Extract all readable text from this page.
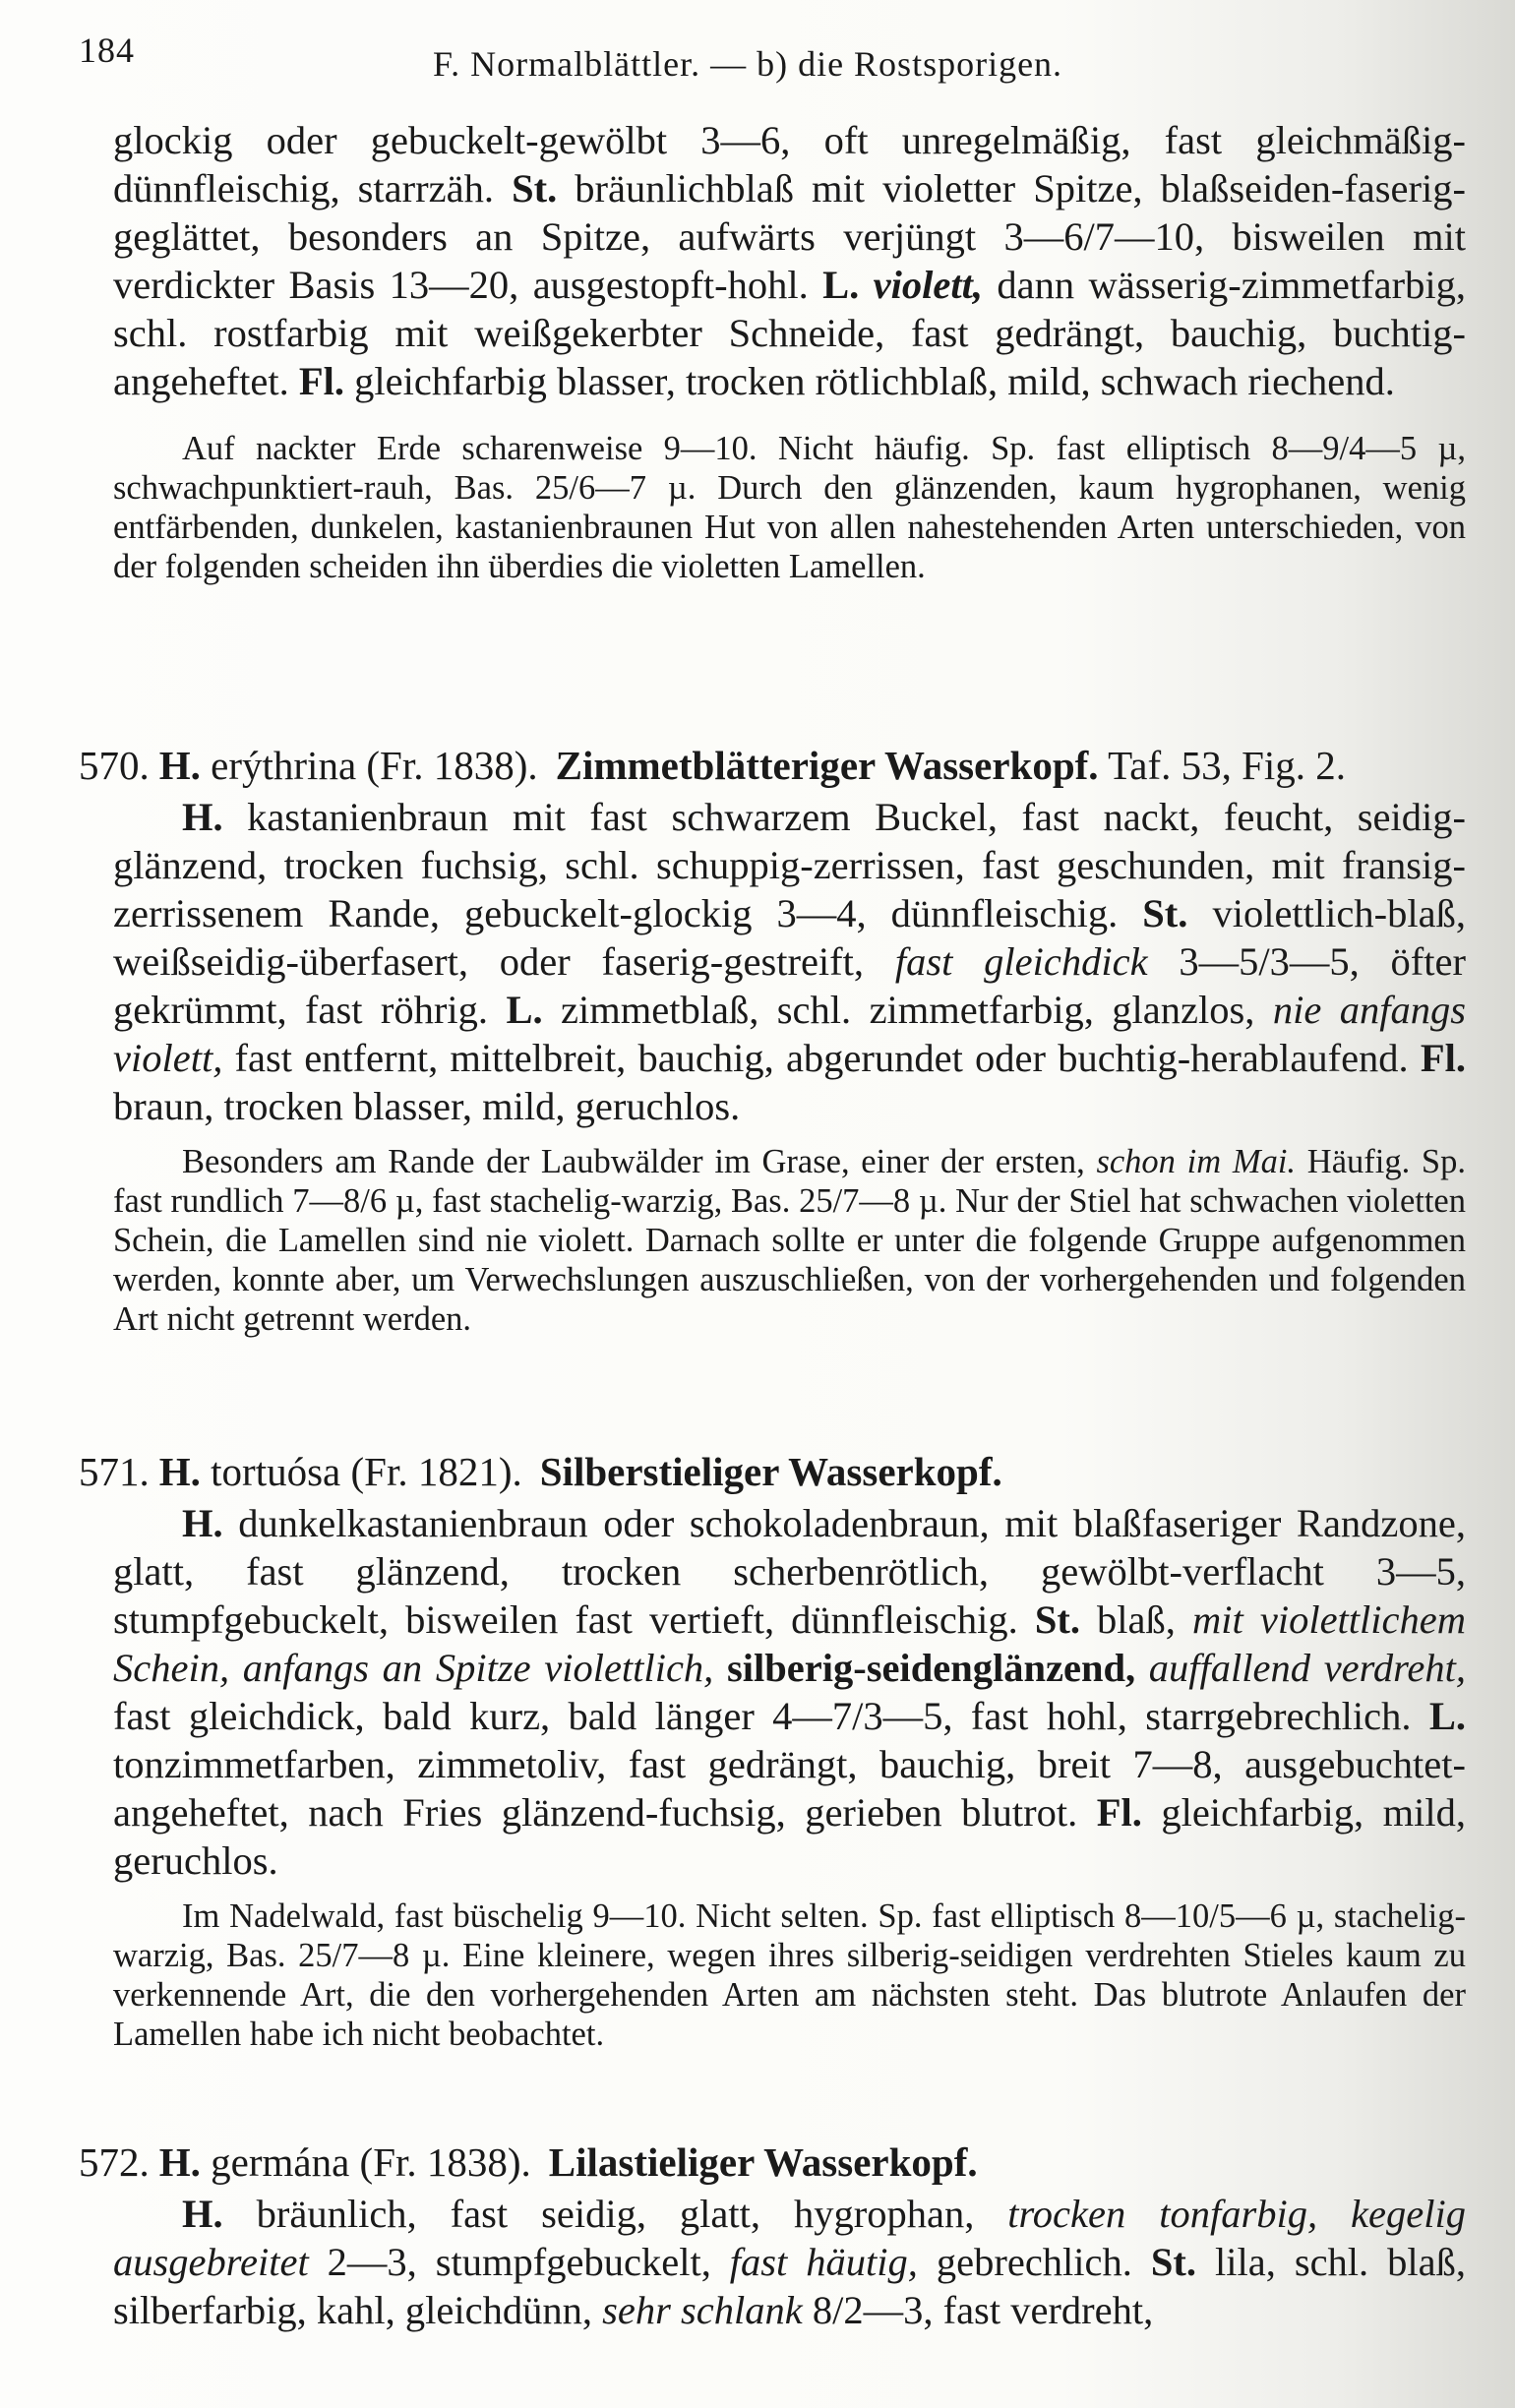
184	F. Normalblättler. — b) die Rostsporigen.

glockig oder gebuckelt-gewölbt 3—6, oft unregelmäßig, fast gleichmäßig-dünnfleischig, starrzäh. St. bräunlichblaß mit violetter Spitze, blaßseiden-faserig-geglättet, besonders an Spitze, aufwärts verjüngt 3—6/7—10, bisweilen mit verdickter Basis 13—20, ausgestopft-hohl. L. violett, dann wässerig-zimmetfarbig, schl. rostfarbig mit weißgekerbter Schneide, fast gedrängt, bauchig, buchtig-angeheftet. Fl. gleichfarbig blasser, trocken rötlichblaß, mild, schwach riechend.

Auf nackter Erde scharenweise 9—10. Nicht häufig. Sp. fast elliptisch 8—9/4—5 µ, schwachpunktiert-rauh, Bas. 25/6—7 µ. Durch den glänzenden, kaum hygrophanen, wenig entfärbenden, dunkelen, kastanienbraunen Hut von allen nahestehenden Arten unterschieden, von der folgenden scheiden ihn überdies die violetten Lamellen.

570. H. erýthrina (Fr. 1838). Zimmetblätteriger Wasserkopf. Taf. 53, Fig. 2.

H. kastanienbraun mit fast schwarzem Buckel, fast nackt, feucht, seidig-glänzend, trocken fuchsig, schl. schuppig-zerrissen, fast geschunden, mit fransig-zerrissenem Rande, gebuckelt-glockig 3—4, dünnfleischig. St. violettlich-blaß, weißseidig-überfasert, oder faserig-gestreift, fast gleichdick 3—5/3—5, öfter gekrümmt, fast röhrig. L. zimmetblaß, schl. zimmetfarbig, glanzlos, nie anfangs violett, fast entfernt, mittelbreit, bauchig, abgerundet oder buchtig-herablaufend. Fl. braun, trocken blasser, mild, geruchlos.

Besonders am Rande der Laubwälder im Grase, einer der ersten, schon im Mai. Häufig. Sp. fast rundlich 7—8/6 µ, fast stachelig-warzig, Bas. 25/7—8 µ. Nur der Stiel hat schwachen violetten Schein, die Lamellen sind nie violett. Darnach sollte er unter die folgende Gruppe aufgenommen werden, konnte aber, um Verwechslungen auszuschließen, von der vorhergehenden und folgenden Art nicht getrennt werden.

571. H. tortuósa (Fr. 1821). Silberstieliger Wasserkopf.

H. dunkelkastanienbraun oder schokoladenbraun, mit blaßfaseriger Randzone, glatt, fast glänzend, trocken scherbenrötlich, gewölbt-verflacht 3—5, stumpfgebuckelt, bisweilen fast vertieft, dünnfleischig. St. blaß, mit violettlichem Schein, anfangs an Spitze violettlich, silberig-seidenglänzend, auffallend verdreht, fast gleichdick, bald kurz, bald länger 4—7/3—5, fast hohl, starrgebrechlich. L. tonzimmetfarben, zimmetoliv, fast gedrängt, bauchig, breit 7—8, ausgebuchtet-angeheftet, nach Fries glänzend-fuchsig, gerieben blutrot. Fl. gleichfarbig, mild, geruchlos.

Im Nadelwald, fast büschelig 9—10. Nicht selten. Sp. fast elliptisch 8—10/5—6 µ, stachelig-warzig, Bas. 25/7—8 µ. Eine kleinere, wegen ihres silberig-seidigen verdrehten Stieles kaum zu verkennende Art, die den vorhergehenden Arten am nächsten steht. Das blutrote Anlaufen der Lamellen habe ich nicht beobachtet.

572. H. germána (Fr. 1838). Lilastieliger Wasserkopf.

H. bräunlich, fast seidig, glatt, hygrophan, trocken tonfarbig, kegelig ausgebreitet 2—3, stumpfgebuckelt, fast häutig, gebrechlich. St. lila, schl. blaß, silberfarbig, kahl, gleichdünn, sehr schlank 8/2—3, fast verdreht,
